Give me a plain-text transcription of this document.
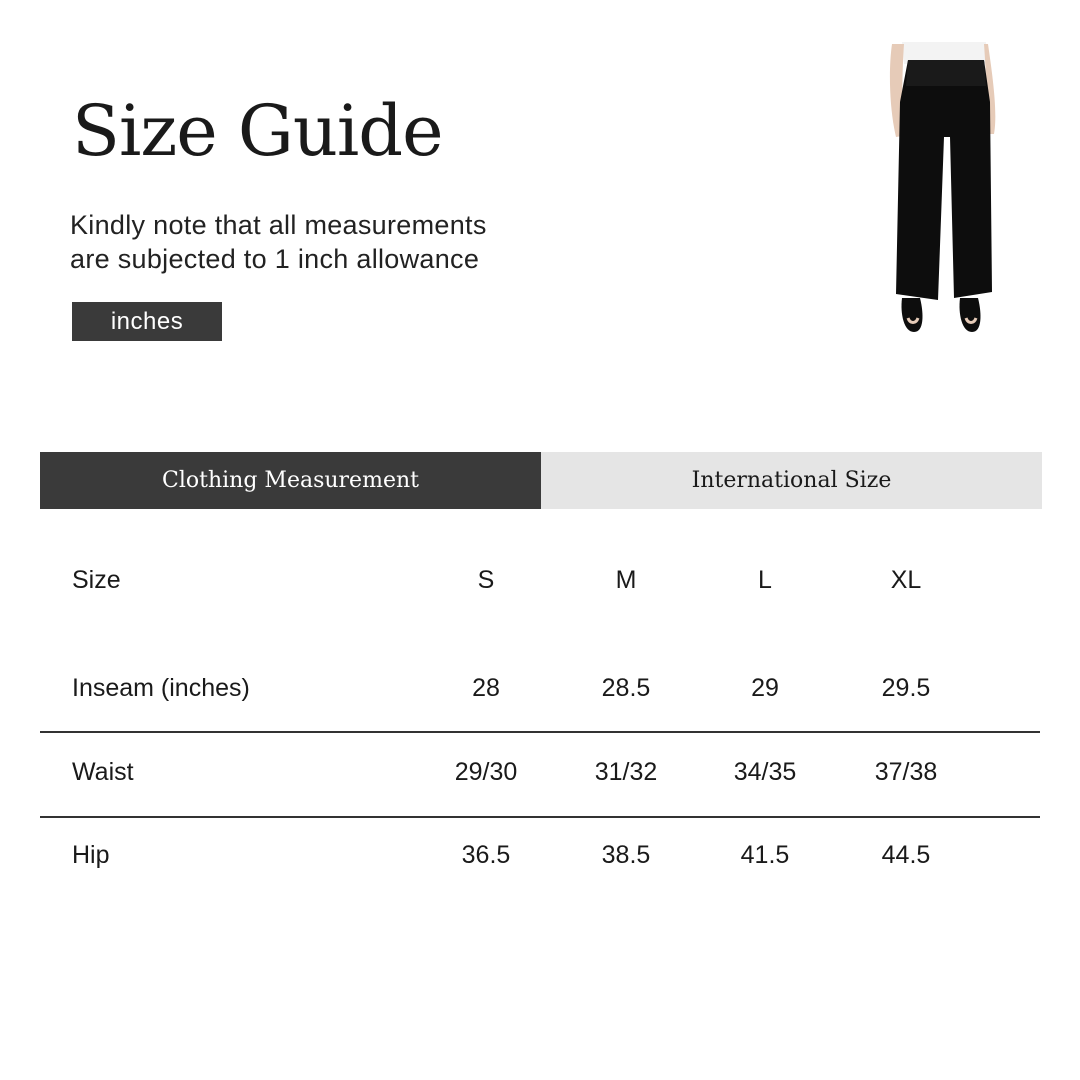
Size Guide
Kindly note that all measurements
are subjected to 1 inch allowance
inches
Clothing Measurement	International Size
Size	S	M	L	XL
Inseam (inches)	28	28.5	29	29.5
Waist	29/30	31/32	34/35	37/38
Hip	36.5	38.5	41.5	44.5
